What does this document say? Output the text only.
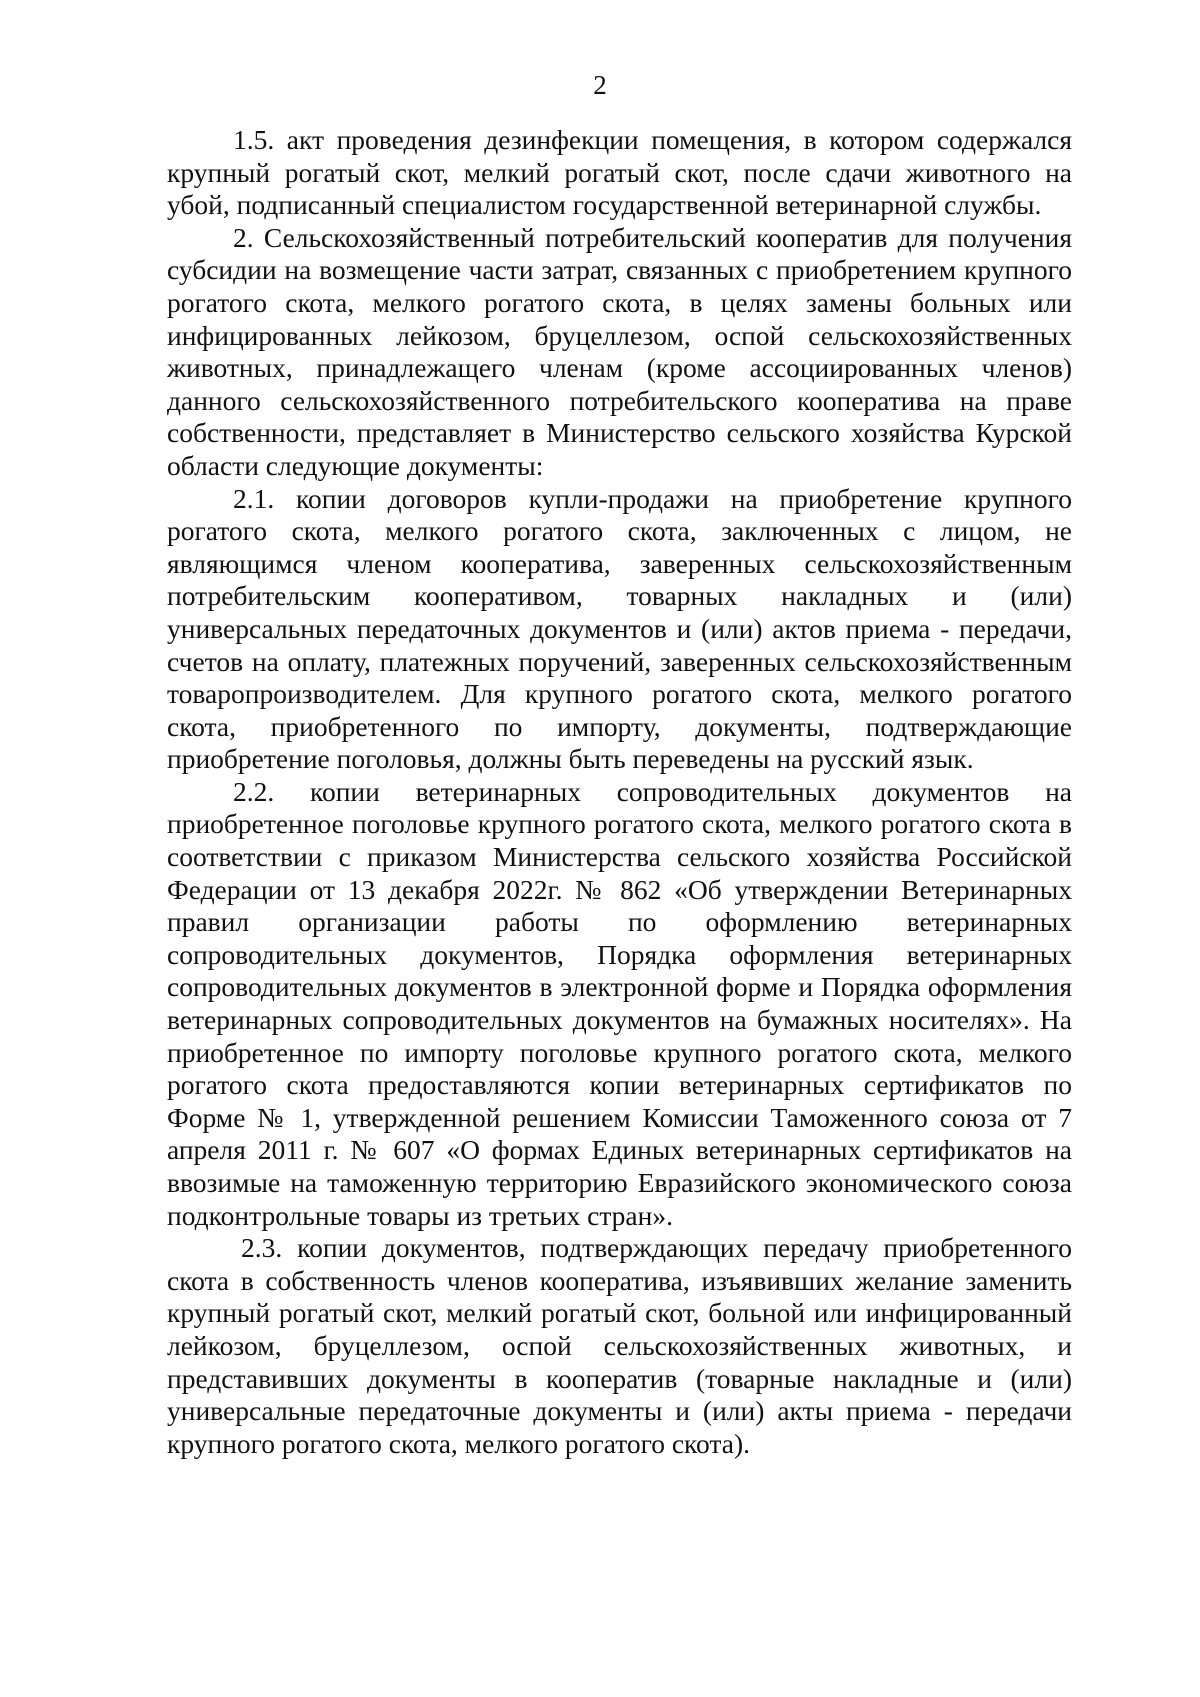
2

1.5. акт проведения дезинфекции помещения, в котором содержался крупный рогатый скот, мелкий рогатый скот, после сдачи животного на убой, подписанный специалистом государственной ветеринарной службы.

2. Сельскохозяйственный потребительский кооператив для получения субсидии на возмещение части затрат, связанных с приобретением крупного рогатого скота, мелкого рогатого скота, в целях замены больных или инфицированных лейкозом, бруцеллезом, оспой сельскохозяйственных животных, принадлежащего членам (кроме ассоциированных членов) данного сельскохозяйственного потребительского кооператива на праве собственности, представляет в Министерство сельского хозяйства Курской области следующие документы:

2.1. копии договоров купли-продажи на приобретение крупного рогатого скота, мелкого рогатого скота, заключенных с лицом, не являющимся членом кооператива, заверенных сельскохозяйственным потребительским кооперативом, товарных накладных и (или) универсальных передаточных документов и (или) актов приема - передачи, счетов на оплату, платежных поручений, заверенных сельскохозяйственным товаропроизводителем. Для крупного рогатого скота, мелкого рогатого скота, приобретенного по импорту, документы, подтверждающие приобретение поголовья, должны быть переведены на русский язык.

2.2. копии ветеринарных сопроводительных документов на приобретенное поголовье крупного рогатого скота, мелкого рогатого скота в соответствии с приказом Министерства сельского хозяйства Российской Федерации от 13 декабря 2022г. № 862 «Об утверждении Ветеринарных правил организации работы по оформлению ветеринарных сопроводительных документов, Порядка оформления ветеринарных сопроводительных документов в электронной форме и Порядка оформления ветеринарных сопроводительных документов на бумажных носителях». На приобретенное по импорту поголовье крупного рогатого скота, мелкого рогатого скота предоставляются копии ветеринарных сертификатов по Форме № 1, утвержденной решением Комиссии Таможенного союза от 7 апреля 2011 г. № 607 «О формах Единых ветеринарных сертификатов на ввозимые на таможенную территорию Евразийского экономического союза подконтрольные товары из третьих стран».

2.3. копии документов, подтверждающих передачу приобретенного скота в собственность членов кооператива, изъявивших желание заменить крупный рогатый скот, мелкий рогатый скот, больной или инфицированный лейкозом, бруцеллезом, оспой сельскохозяйственных животных, и представивших документы в кооператив (товарные накладные и (или) универсальные передаточные документы и (или) акты приема - передачи крупного рогатого скота, мелкого рогатого скота).
